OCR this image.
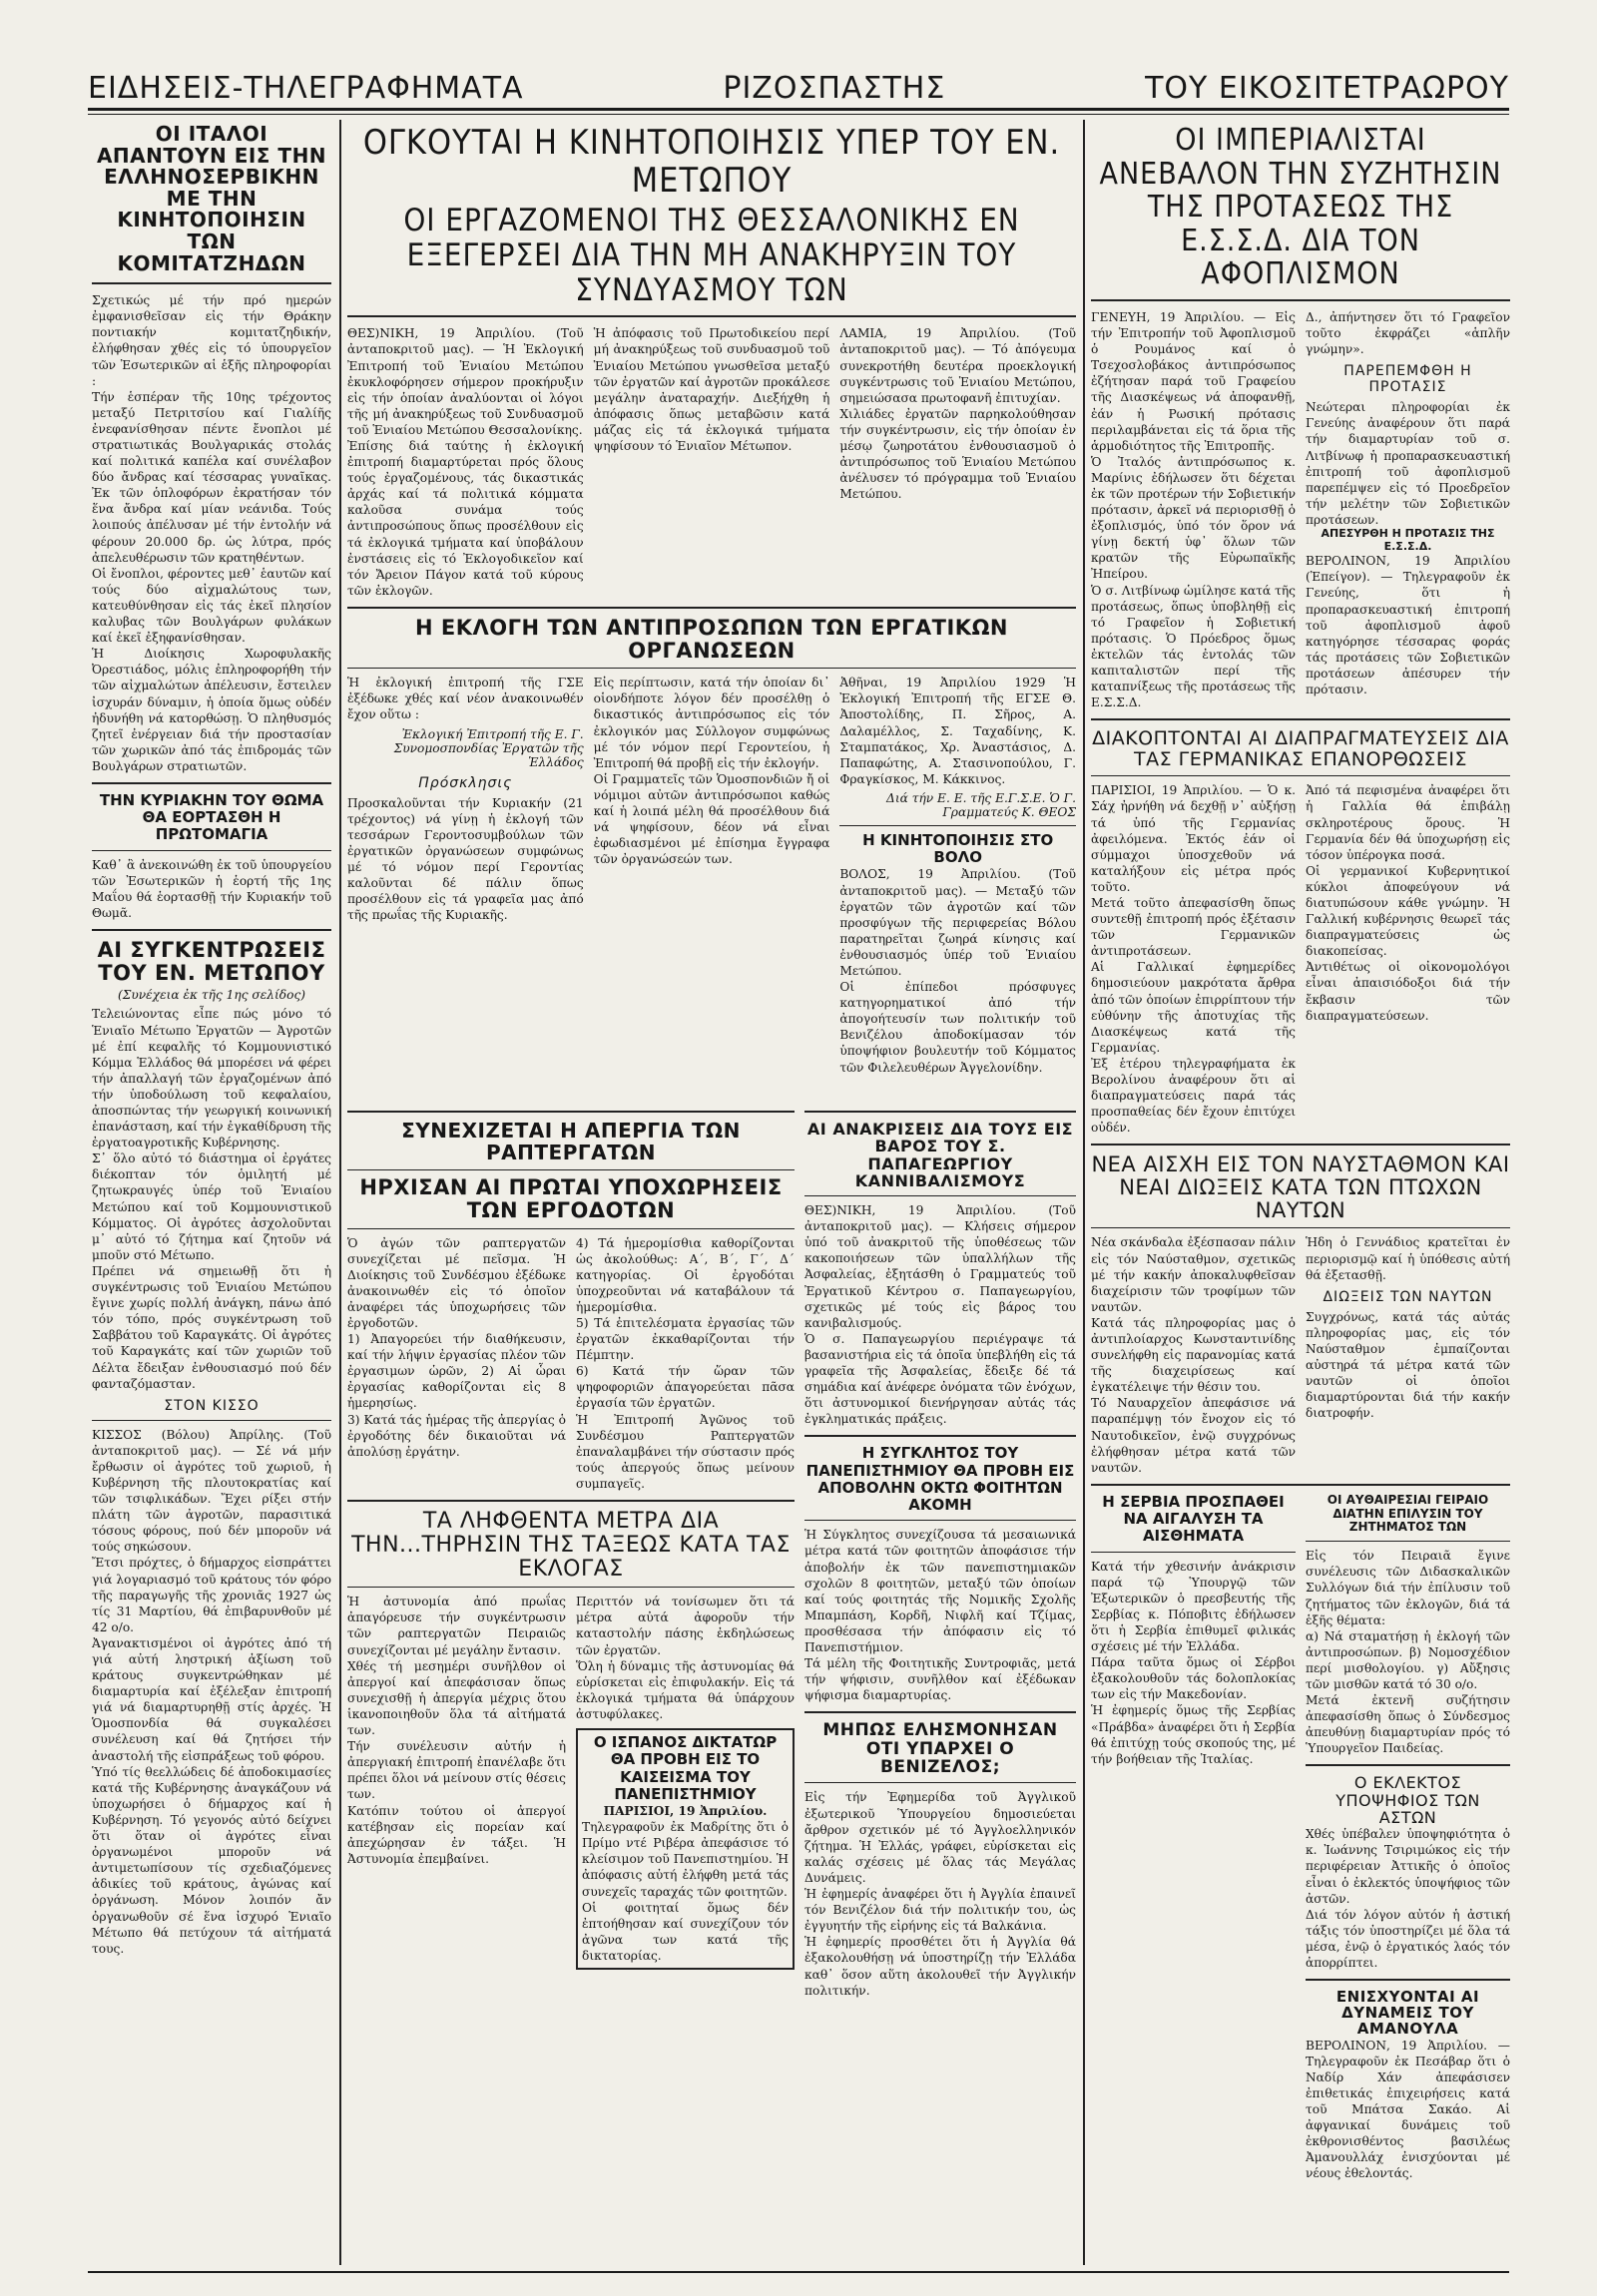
ΕΙΔΗΣΕΙΣ-ΤΗΛΕΓΡΑΦΗΜΑΤΑ	ΡΙΖΟΣΠΑΣΤΗΣ	ΤΟΥ ΕΙΚΟΣΙΤΕΤΡΑΩΡΟΥ
ΟΙ ΙΤΑΛΟΙ ΑΠΑΝΤΟΥΝ ΕΙΣ ΤΗΝ ΕΛΛΗΝΟΣΕΡΒΙΚΗΝ ΜΕ ΤΗΝ ΚΙΝΗΤΟΠΟΙΗΣΙΝ ΤΩΝ ΚΟΜΙΤΑΤΖΗΔΩΝ

Σχετικώς μέ τήν πρό ημερών ἐμφανισθεῖσαν εἰς τήν Θράκην ποντιακήν κομιτατζηδικήν, ἐλήφθησαν χθές εἰς τό ὑπουργεῖον τῶν Ἐσωτερικῶν αἱ ἑξῆς πληροφορίαι :

Τήν ἑσπέραν τῆς 10ης τρέχοντος μεταξύ Πετριτσίου καί Γιαλίῆς ἐνεφανίσθησαν πέντε ἔνοπλοι μέ στρατιωτικάς Βουλγαρικάς στολάς καί πολιτικά καπέλα καί συνέλαβον δύο ἄνδρας καί τέσσαρας γυναῖκας. Ἐκ τῶν ὁπλοφόρων ἐκρατήσαν τόν ἕνα ἄνδρα καί μίαν νεάνιδα. Τούς λοιπούς ἀπέλυσαν μέ τήν ἐντολήν νά φέρουν 20.000 δρ. ὡς λύτρα, πρός ἀπελευθέρωσιν τῶν κρατηθέντων.

Οἱ ἔνοπλοι, φέροντες μεθ᾽ ἑαυτῶν καί τούς δύο αἰχμαλώτους των, κατευθύνθησαν εἰς τάς ἐκεῖ πλησίον καλυβας τῶν Βουλγάρων φυλάκων καί ἐκεῖ ἐξηφανίσθησαν.

Ἡ Διοίκησις Χωροφυλακῆς Ὀρεστιάδος, μόλις ἐπληροφορήθη τήν τῶν αἰχμαλώτων ἀπέλευσιν, ἔστειλεν ἰσχυράν δύναμιν, ἡ ὁποία ὅμως οὐδέν ἠδυνήθη νά κατορθώσῃ. Ὁ πληθυσμός ζητεῖ ἐνέργειαν διά τήν προστασίαν τῶν χωρικῶν ἀπό τάς ἐπιδρομάς τῶν Βουλγάρων στρατιωτῶν.

ΤΗΝ ΚΥΡΙΑΚΗΝ ΤΟΥ ΘΩΜΑ ΘΑ ΕΟΡΤΑΣΘΗ Η ΠΡΩΤΟΜΑΓΙΑ

Καθ᾽ ἃ ἀνεκοινώθη ἐκ τοῦ ὑπουργείου τῶν Ἐσωτερικῶν ἡ ἑορτή τῆς 1ης Μαΐου θά ἑορτασθῇ τήν Κυριακήν τοῦ Θωμᾶ.

ΑΙ ΣΥΓΚΕΝΤΡΩΣΕΙΣ ΤΟΥ ΕΝ. ΜΕΤΩΠΟΥ
(Συνέχεια ἐκ τῆς 1ης σελίδος)

Τελειώνοντας εἶπε πώς μόνο τό Ἑνιαῖο Μέτωπο Ἐργατῶν — Ἀγροτῶν μέ ἐπί κεφαλῆς τό Κομμουνιστικό Κόμμα Ἑλλάδος θά μπορέσει νά φέρει τήν ἀπαλλαγή τῶν ἐργαζομένων ἀπό τήν ὑποδούλωση τοῦ κεφαλαίου, ἀποσπώντας τήν γεωργική κοινωνική ἐπανάσταση, καί τήν ἐγκαθίδρυση τῆς ἐργατοαγροτικῆς Κυβέρνησης.

Σ᾽ ὅλο αὐτό τό διάστημα οἱ ἐργάτες διέκοπταν τόν ὁμιλητή μέ ζητωκραυγές ὑπέρ τοῦ Ἑνιαίου Μετώπου καί τοῦ Κομμουνιστικοῦ Κόμματος. Οἱ ἀγρότες ἀσχολοῦνται μ᾽ αὐτό τό ζήτημα καί ζητοῦν νά μποῦν στό Μέτωπο.

Πρέπει νά σημειωθῇ ὅτι ἡ συγκέντρωσις τοῦ Ἑνιαίου Μετώπου ἔγινε χωρίς πολλή ἀνάγκη, πάνω ἀπό τόν τόπο, πρός συγκέντρωση τοῦ Σαββάτου τοῦ Καραγκάτς. Οἱ ἀγρότες τοῦ Καραγκάτς καί τῶν χωριῶν τοῦ Δέλτα ἔδειξαν ἐνθουσιασμό πού δέν φανταζόμασταν.

ΣΤΟΝ ΚΙΣΣΟ

ΚΙΣΣΟΣ (Βόλου) Ἀπρίλης. (Τοῦ ἀνταποκριτοῦ μας). — Σέ νά μήν ἔρθωσιν οἱ ἀγρότες τοῦ χωριοῦ, ἡ Κυβέρνηση τῆς πλουτοκρατίας καί τῶν τσιφλικάδων. Ἔχει ρίξει στήν πλάτη τῶν ἀγροτῶν, παρασιτικά τόσους φόρους, πού δέν μποροῦν νά τούς σηκώσουν.

Ἔτσι πρόχτες, ὁ δήμαρχος εἰσπράττει γιά λογαριασμό τοῦ κράτους τόν φόρο τῆς παραγωγῆς τῆς χρονιᾶς 1927 ὡς τίς 31 Μαρτίου, θά ἐπιβαρυνθοῦν μέ 42 ο/ο.

Ἀγανακτισμένοι οἱ ἀγρότες ἀπό τή γιά αὐτή ληστρική ἀξίωση τοῦ κράτους συγκεντρώθηκαν μέ διαμαρτυρία καί ἐξέλεξαν ἐπιτροπή γιά νά διαμαρτυρηθῇ στίς ἀρχές. Ἡ Ὁμοσπονδία θά συγκαλέσει συνέλευση καί θά ζητήσει τήν ἀναστολή τῆς εἰσπράξεως τοῦ φόρου.

Ὑπό τίς θεελλώδεις δέ ἀποδοκιμασίες κατά τῆς Κυβέρνησης ἀναγκάζουν νά ὑποχωρήσει ὁ δήμαρχος καί ἡ Κυβέρνηση. Τό γεγονός αὐτό δείχνει ὅτι ὅταν οἱ ἀγρότες εἶναι ὀργανωμένοι μποροῦν νά ἀντιμετωπίσουν τίς σχεδιαζόμενες ἀδικίες τοῦ κράτους, ἀγώνας καί ὀργάνωση. Μόνον λοιπόν ἄν ὀργανωθοῦν σέ ἕνα ἰσχυρό Ἑνιαῖο Μέτωπο θά πετύχουν τά αἰτήματά τους.

ΟΓΚΟΥΤΑΙ Η ΚΙΝΗΤΟΠΟΙΗΣΙΣ ΥΠΕΡ ΤΟΥ ΕΝ. ΜΕΤΩΠΟΥ
ΟΙ ΕΡΓΑΖΟΜΕΝΟΙ ΤΗΣ ΘΕΣΣΑΛΟΝΙΚΗΣ ΕΝ ΕΞΕΓΕΡΣΕΙ ΔΙΑ ΤΗΝ ΜΗ ΑΝΑΚΗΡΥΞΙΝ ΤΟΥ ΣΥΝΔΥΑΣΜΟΥ ΤΩΝ

ΘΕΣ)ΝΙΚΗ, 19 Ἀπριλίου. (Τοῦ ἀνταποκριτοῦ μας). — Ἡ Ἐκλογική Ἐπιτροπή τοῦ Ἑνιαίου Μετώπου ἐκυκλοφόρησεν σήμερον προκήρυξιν εἰς τήν ὁποίαν ἀναλύονται οἱ λόγοι τῆς μή ἀνακηρύξεως τοῦ Συνδυασμοῦ τοῦ Ἑνιαίου Μετώπου Θεσσαλονίκης.

Ἐπίσης διά ταύτης ἡ ἐκλογική ἐπιτροπή διαμαρτύρεται πρός ὅλους τούς ἐργαζομένους, τάς δικαστικάς ἀρχάς καί τά πολιτικά κόμματα καλοῦσα συνάμα τούς ἀντιπροσώπους ὅπως προσέλθουν εἰς τά ἐκλογικά τμήματα καί ὑποβάλουν ἐνστάσεις εἰς τό Ἐκλογοδικεῖον καί τόν Ἄρειον Πάγον κατά τοῦ κύρους τῶν ἐκλογῶν.

Ἡ ἀπόφασις τοῦ Πρωτοδικείου περί μή ἀνακηρύξεως τοῦ συνδυασμοῦ τοῦ Ἑνιαίου Μετώπου γνωσθεῖσα μεταξύ τῶν ἐργατῶν καί ἀγροτῶν προκάλεσε μεγάλην ἀναταραχήν. Διεξήχθη ἡ ἀπόφασις ὅπως μεταβῶσιν κατά μάζας εἰς τά ἐκλογικά τμήματα ψηφίσουν τό Ἑνιαῖον Μέτωπον.

ΛΑΜΙΑ, 19 Ἀπριλίου. (Τοῦ ἀνταποκριτοῦ μας). — Τό ἀπόγευμα συνεκροτήθη δευτέρα προεκλογική συγκέντρωσις τοῦ Ἑνιαίου Μετώπου, σημειώσασα πρωτοφανῆ ἐπιτυχίαν.

Χιλιάδες ἐργατῶν παρηκολούθησαν τήν συγκέντρωσιν, εἰς τήν ὁποίαν ἐν μέσῳ ζωηροτάτου ἐνθουσιασμοῦ ὁ ἀντιπρόσωπος τοῦ Ἑνιαίου Μετώπου ἀνέλυσεν τό πρόγραμμα τοῦ Ἑνιαίου Μετώπου.

Η ΕΚΛΟΓΗ ΤΩΝ ΑΝΤΙΠΡΟΣΩΠΩΝ ΤΩΝ ΕΡΓΑΤΙΚΩΝ ΟΡΓΑΝΩΣΕΩΝ

Ἡ ἐκλογική ἐπιτροπή τῆς ΓΣΕ ἐξέδωκε χθές καί νέον ἀνακοινωθέν ἔχον οὕτω :

Ἐκλογική Ἐπιτροπή τῆς Ε. Γ. Συνομοσπονδίας Ἐργατῶν τῆς Ἑλλάδος
Πρόσκλησις

Προσκαλοῦνται τήν Κυριακήν (21 τρέχοντος) νά γίνῃ ἡ ἐκλογή τῶν τεσσάρων Γεροντοσυμβούλων τῶν ἐργατικῶν ὀργανώσεων συμφώνως μέ τό νόμον περί Γεροντίας καλοῦνται δέ πάλιν ὅπως προσέλθουν εἰς τά γραφεῖα μας ἀπό τῆς πρωΐας τῆς Κυριακῆς.

Εἰς περίπτωσιν, κατά τήν ὁποίαν δι᾽ οἱονδήποτε λόγον δέν προσέλθῃ ὁ δικαστικός ἀντιπρόσωπος εἰς τόν ἐκλογικόν μας Σύλλογον συμφώνως μέ τόν νόμον περί Γεροντείου, ἡ Ἐπιτροπή θά προβῇ εἰς τήν ἐκλογήν.

Οἱ Γραμματεῖς τῶν Ὁμοσπονδιῶν ἤ οἱ νόμιμοι αὐτῶν ἀντιπρόσωποι καθώς καί ἡ λοιπά μέλη θά προσέλθουν διά νά ψηφίσουν, δέον νά εἶναι ἐφωδιασμένοι μέ ἐπίσημα ἔγγραφα τῶν ὀργανώσεών των.

Ἀθῆναι, 19 Ἀπριλίου 1929 Ἡ Ἐκλογική Ἐπιτροπή τῆς ΕΓΣΕ Θ. Ἀποστολίδης, Π. Σῆρος, Α. Δαλαμέλλος, Σ. Ταχαδίνης, Κ. Σταμπατάκος, Χρ. Ἀναστάσιος, Δ. Παπαφώτης, Α. Στασινοπούλου, Γ. Φραγκίσκος, Μ. Κάκκινος.

Διά τήν Ε. Ε. τῆς Ε.Γ.Σ.Ε. Ὁ Γ. Γραμματεύς Κ. ΘΕΟΣ
Η ΚΙΝΗΤΟΠΟΙΗΣΙΣ ΣΤΟ ΒΟΛΟ

ΒΟΛΟΣ, 19 Ἀπριλίου. (Τοῦ ἀνταποκριτοῦ μας). — Μεταξύ τῶν ἐργατῶν τῶν ἀγροτῶν καί τῶν προσφύγων τῆς περιφερείας Βόλου παρατηρεῖται ζωηρά κίνησις καί ἐνθουσιασμός ὑπέρ τοῦ Ἑνιαίου Μετώπου.

Οἱ ἐπίπεδοι πρόσφυγες κατηγορηματικοί ἀπό τήν ἀπογοήτευσίν των πολιτικήν τοῦ Βενιζέλου ἀποδοκίμασαν τόν ὑποψήφιον βουλευτήν τοῦ Κόμματος τῶν Φιλελευθέρων Ἀγγελονίδην.

ΣΥΝΕΧΙΖΕΤΑΙ Η ΑΠΕΡΓΙΑ ΤΩΝ ΡΑΠΤΕΡΓΑΤΩΝ
ΗΡΧΙΣΑΝ ΑΙ ΠΡΩΤΑΙ ΥΠΟΧΩΡΗΣΕΙΣ ΤΩΝ ΕΡΓΟΔΟΤΩΝ

Ὁ ἀγών τῶν ραπτεργατῶν συνεχίζεται μέ πεῖσμα. Ἡ Διοίκησις τοῦ Συνδέσμου ἐξέδωκε ἀνακοινωθέν εἰς τό ὁποῖον ἀναφέρει τάς ὑποχωρήσεις τῶν ἐργοδοτῶν.

1) Ἀπαγορεύει τήν διαθήκευσιν, καί τήν λήψιν ἐργασίας πλέον τῶν ἐργασιμων ὡρῶν, 2) Αἱ ὧραι ἐργασίας καθορίζονται εἰς 8 ἡμερησίως.

3) Κατά τάς ἡμέρας τῆς ἀπεργίας ὁ ἐργοδότης δέν δικαιοῦται νά ἀπολύσῃ ἐργάτην.

4) Τά ἡμερομίσθια καθορίζονται ὡς ἀκολούθως: Α΄, Β΄, Γ΄, Δ΄ κατηγορίας. Οἱ ἐργοδόται ὑποχρεοῦνται νά καταβάλουν τά ἡμερομίσθια.

5) Τά ἐπιτελέσματα ἐργασίας τῶν ἐργατῶν ἐκκαθαρίζονται τήν Πέμπτην.

6) Κατά τήν ὥραν τῶν ψηφοφοριῶν ἀπαγορεύεται πᾶσα ἐργασία τῶν ἐργατῶν.

Ἡ Ἐπιτροπή Ἀγῶνος τοῦ Συνδέσμου Ραπτεργατῶν ἐπαναλαμβάνει τήν σύστασιν πρός τούς ἀπεργούς ὅπως μείνουν συμπαγεῖς.

ΤΑ ΛΗΦΘΕΝΤΑ ΜΕΤΡΑ ΔΙΑ ΤΗΝ...ΤΗΡΗΣΙΝ ΤΗΣ ΤΑΞΕΩΣ ΚΑΤΑ ΤΑΣ ΕΚΛΟΓΑΣ

Ἡ ἀστυνομία ἀπό πρωΐας ἀπαγόρευσε τήν συγκέντρωσιν τῶν ραπτεργατῶν Πειραιῶς συνεχίζονται μέ μεγάλην ἔντασιν.

Χθές τή μεσημέρι συνῆλθον οἱ ἀπεργοί καί ἀπεφάσισαν ὅπως συνεχισθῇ ἡ ἀπεργία μέχρις ὅτου ἱκανοποιηθοῦν ὅλα τά αἰτήματά των.

Τήν συνέλευσιν αὐτήν ἡ ἀπεργιακή ἐπιτροπή ἐπανέλαβε ὅτι πρέπει ὅλοι νά μείνουν στίς θέσεις των.

Κατόπιν τούτου οἱ ἀπεργοί κατέβησαν εἰς πορείαν καί ἀπεχώρησαν ἐν τάξει. Ἡ Ἀστυνομία ἐπεμβαίνει.

Περιττόν νά τονίσωμεν ὅτι τά μέτρα αὐτά ἀφοροῦν τήν καταστολήν πάσης ἐκδηλώσεως τῶν ἐργατῶν.

Ὅλη ἡ δύναμις τῆς ἀστυνομίας θά εὑρίσκεται εἰς ἐπιφυλακήν. Εἰς τά ἐκλογικά τμήματα θά ὑπάρχουν ἀστυφύλακες.

Ο ΙΣΠΑΝΟΣ ΔΙΚΤΑΤΩΡ ΘΑ ΠΡΟΒΗ ΕΙΣ ΤΟ ΚΑΙΣΕΙΣΜΑ ΤΟΥ ΠΑΝΕΠΙΣΤΗΜΙΟΥ
ΠΑΡΙΣΙΟΙ, 19 Ἀπριλίου.

Τηλεγραφοῦν ἐκ Μαδρίτης ὅτι ὁ Πρίμο ντέ Ριβέρα ἀπεφάσισε τό κλείσιμον τοῦ Πανεπιστημίου. Ἡ ἀπόφασις αὐτή ἐλήφθη μετά τάς συνεχεῖς ταραχάς τῶν φοιτητῶν.

Οἱ φοιτηταί ὅμως δέν ἐπτοήθησαν καί συνεχίζουν τόν ἀγῶνα των κατά τῆς δικτατορίας.

ΑΙ ΑΝΑΚΡΙΣΕΙΣ ΔΙΑ ΤΟΥΣ ΕΙΣ ΒΑΡΟΣ ΤΟΥ Σ. ΠΑΠΑΓΕΩΡΓΙΟΥ ΚΑΝΝΙΒΑΛΙΣΜΟΥΣ

ΘΕΣ)ΝΙΚΗ, 19 Ἀπριλίου. (Τοῦ ἀνταποκριτοῦ μας). — Κλήσεις σήμερον ὑπό τοῦ ἀνακριτοῦ τῆς ὑποθέσεως τῶν κακοποιήσεων τῶν ὑπαλλήλων τῆς Ἀσφαλείας, ἐξητάσθη ὁ Γραμματεύς τοῦ Ἐργατικοῦ Κέντρου σ. Παπαγεωργίου, σχετικῶς μέ τούς εἰς βάρος του κανιβαλισμούς.

Ὁ σ. Παπαγεωργίου περιέγραψε τά βασανιστήρια εἰς τά ὁποῖα ὑπεβλήθη εἰς τά γραφεῖα τῆς Ἀσφαλείας, ἔδειξε δέ τά σημάδια καί ἀνέφερε ὀνόματα τῶν ἐνόχων, ὅτι ἀστυνομικοί διενήργησαν αὐτάς τάς ἐγκληματικάς πράξεις.

Η ΣΥΓΚΛΗΤΟΣ ΤΟΥ ΠΑΝΕΠΙΣΤΗΜΙΟΥ ΘΑ ΠΡΟΒΗ ΕΙΣ ΑΠΟΒΟΛΗΝ ΟΚΤΩ ΦΟΙΤΗΤΩΝ ΑΚΟΜΗ

Ἡ Σύγκλητος συνεχίζουσα τά μεσαιωνικά μέτρα κατά τῶν φοιτητῶν ἀποφάσισε τήν ἀποβολήν ἐκ τῶν πανεπιστημιακῶν σχολῶν 8 φοιτητῶν, μεταξύ τῶν ὁποίων καί τούς φοιτητάς τῆς Νομικῆς Σχολῆς Μπαμπάση, Κορδῆ, Νιφλῆ καί Τζίμας, προσθέσασα τήν ἀπόφασιν εἰς τό Πανεπιστήμιον.

Τά μέλη τῆς Φοιτητικῆς Συντροφιᾶς, μετά τήν ψήφισιν, συνῆλθον καί ἐξέδωκαν ψήφισμα διαμαρτυρίας.

ΜΗΠΩΣ ΕΛΗΣΜΟΝΗΣΑΝ ΟΤΙ ΥΠΑΡΧΕΙ Ο ΒΕΝΙΖΕΛΟΣ;

Εἰς τήν Ἐφημερίδα τοῦ Ἀγγλικοῦ ἐξωτερικοῦ Ὑπουργείου δημοσιεύεται ἄρθρον σχετικόν μέ τό Ἀγγλοελληνικόν ζήτημα. Ἡ Ἐλλάς, γράφει, εὑρίσκεται εἰς καλάς σχέσεις μέ ὅλας τάς Μεγάλας Δυνάμεις.

Ἡ ἐφημερίς ἀναφέρει ὅτι ἡ Ἀγγλία ἐπαινεῖ τόν Βενιζέλον διά τήν πολιτικήν του, ὡς ἐγγυητήν τῆς εἰρήνης εἰς τά Βαλκάνια.

Ἡ ἐφημερίς προσθέτει ὅτι ἡ Ἀγγλία θά ἐξακολουθήσῃ νά ὑποστηρίζῃ τήν Ἑλλάδα καθ᾽ ὅσον αὕτη ἀκολουθεῖ τήν Ἀγγλικήν πολιτικήν.

ΟΙ ΙΜΠΕΡΙΑΛΙΣΤΑΙ ΑΝΕΒΑΛΟΝ ΤΗΝ ΣΥΖΗΤΗΣΙΝ ΤΗΣ ΠΡΟΤΑΣΕΩΣ ΤΗΣ Ε.Σ.Σ.Δ. ΔΙΑ ΤΟΝ ΑΦΟΠΛΙΣΜΟΝ

ΓΕΝΕΥΗ, 19 Ἀπριλίου. — Εἰς τήν Ἐπιτροπήν τοῦ Ἀφοπλισμοῦ ὁ Ρουμάνος καί ὁ Τσεχοσλοβάκος ἀντιπρόσωπος ἐζήτησαν παρά τοῦ Γραφείου τῆς Διασκέψεως νά ἀποφανθῇ, ἐάν ἡ Ρωσική πρότασις περιλαμβάνεται εἰς τά ὅρια τῆς ἁρμοδιότητος τῆς Ἐπιτροπῆς.

Ὁ Ἰταλός ἀντιπρόσωπος κ. Μαρίνις ἐδήλωσεν ὅτι δέχεται ἐκ τῶν προτέρων τήν Σοβιετικήν πρότασιν, ἀρκεῖ νά περιορισθῇ ὁ ἐξοπλισμός, ὑπό τόν ὅρον νά γίνῃ δεκτή ὑφ᾽ ὅλων τῶν κρατῶν τῆς Εὐρωπαϊκῆς Ἠπείρου.

Ὁ σ. Λιτβίνωφ ὡμίλησε κατά τῆς προτάσεως, ὅπως ὑποβληθῇ εἰς τό Γραφεῖον ἡ Σοβιετική πρότασις. Ὁ Πρόεδρος ὅμως ἐκτελῶν τάς ἐντολάς τῶν καπιταλιστῶν περί τῆς καταπνίξεως τῆς προτάσεως τῆς Ε.Σ.Σ.Δ.

Δ., ἀπήντησεν ὅτι τό Γραφεῖον τοῦτο ἐκφράζει «ἁπλῆν γνώμην».

ΠΑΡΕΠΕΜΦΘΗ Η ΠΡΟΤΑΣΙΣ

Νεώτεραι πληροφορίαι ἐκ Γενεύης ἀναφέρουν ὅτι παρά τήν διαμαρτυρίαν τοῦ σ. Λιτβίνωφ ἡ προπαρασκευαστική ἐπιτροπή τοῦ ἀφοπλισμοῦ παρεπέμψεν εἰς τό Προεδρεῖον τήν μελέτην τῶν Σοβιετικῶν προτάσεων.

ΑΠΕΣΥΡΘΗ Η ΠΡΟΤΑΣΙΣ ΤΗΣ Ε.Σ.Σ.Δ.

ΒΕΡΟΛΙΝΟΝ, 19 Ἀπριλίου (Ἐπείγον). — Τηλεγραφοῦν ἐκ Γενεύης, ὅτι ἡ προπαρασκευαστική ἐπιτροπή τοῦ ἀφοπλισμοῦ ἀφοῦ κατηγόρησε τέσσαρας φοράς τάς προτάσεις τῶν Σοβιετικῶν προτάσεων ἀπέσυρεν τήν πρότασιν.

ΔΙΑΚΟΠΤΟΝΤΑΙ ΑΙ ΔΙΑΠΡΑΓΜΑΤΕΥΣΕΙΣ ΔΙΑ ΤΑΣ ΓΕΡΜΑΝΙΚΑΣ ΕΠΑΝΟΡΘΩΣΕΙΣ

ΠΑΡΙΣΙΟΙ, 19 Ἀπριλίου. — Ὁ κ. Σάχ ἠρνήθη νά δεχθῇ ν᾽ αὐξήσῃ τά ὑπό τῆς Γερμανίας ἀφειλόμενα. Ἐκτός ἐάν οἱ σύμμαχοι ὑποσχεθοῦν νά καταλήξουν εἰς μέτρα πρός τοῦτο.

Μετά τοῦτο ἀπεφασίσθη ὅπως συντεθῇ ἐπιτροπή πρός ἐξέτασιν τῶν Γερμανικῶν ἀντιπροτάσεων.

Αἱ Γαλλικαί ἐφημερίδες δημοσιεύουν μακρότατα ἄρθρα ἀπό τῶν ὁποίων ἐπιρρίπτουν τήν εὐθύνην τῆς ἀποτυχίας τῆς Διασκέψεως κατά τῆς Γερμανίας.

Ἐξ ἑτέρου τηλεγραφήματα ἐκ Βερολίνου ἀναφέρουν ὅτι αἱ διαπραγματεύσεις παρά τάς προσπαθείας δέν ἔχουν ἐπιτύχει οὐδέν.

Ἀπό τά πεφισμένα ἀναφέρει ὅτι ἡ Γαλλία θά ἐπιβάλῃ σκληροτέρους ὅρους. Ἡ Γερμανία δέν θά ὑποχωρήσῃ εἰς τόσον ὑπέρογκα ποσά.

Οἱ γερμανικοί Κυβερνητικοί κύκλοι ἀποφεύγουν νά διατυπώσουν κάθε γνώμην. Ἡ Γαλλική κυβέρνησις θεωρεῖ τάς διαπραγματεύσεις ὡς διακοπείσας.

Ἀντιθέτως οἱ οἰκονομολόγοι εἶναι ἀπαισιόδοξοι διά τήν ἔκβασιν τῶν διαπραγματεύσεων.

ΝΕΑ ΑΙΣΧΗ ΕΙΣ ΤΟΝ ΝΑΥΣΤΑΘΜΟΝ ΚΑΙ ΝΕΑΙ ΔΙΩΞΕΙΣ ΚΑΤΑ ΤΩΝ ΠΤΩΧΩΝ ΝΑΥΤΩΝ

Νέα σκάνδαλα ἐξέσπασαν πάλιν εἰς τόν Ναύσταθμον, σχετικῶς μέ τήν κακήν ἀποκαλυφθεῖσαν διαχείρισιν τῶν τροφίμων τῶν ναυτῶν.

Κατά τάς πληροφορίας μας ὁ ἀντιπλοίαρχος Κωνσταντινίδης συνελήφθη εἰς παρανομίας κατά τῆς διαχειρίσεως καί ἐγκατέλειψε τήν θέσιν του.

Τό Ναυαρχεῖον ἀπεφάσισε νά παραπέμψῃ τόν ἔνοχον εἰς τό Ναυτοδικεῖον, ἐνῷ συγχρόνως ἐλήφθησαν μέτρα κατά τῶν ναυτῶν.

Ἡδη ὁ Γεννάδιος κρατεῖται ἐν περιορισμῷ καί ἡ ὑπόθεσις αὐτή θά ἐξετασθῇ.

ΔΙΩΞΕΙΣ ΤΩΝ ΝΑΥΤΩΝ

Συγχρόνως, κατά τάς αὐτάς πληροφορίας μας, εἰς τόν Ναύσταθμον ἐμπαίζονται αὐστηρά τά μέτρα κατά τῶν ναυτῶν οἱ ὁποῖοι διαμαρτύρονται διά τήν κακήν διατροφήν.

Η ΣΕΡΒΙΑ ΠΡΟΣΠΑΘΕΙ ΝΑ ΑΙΓΑΛΥΣΗ ΤΑ ΑΙΣΘΗΜΑΤΑ

Κατά τήν χθεσινήν ἀνάκρισιν παρά τῷ Ὑπουργῷ τῶν Ἐξωτερικῶν ὁ πρεσβευτής τῆς Σερβίας κ. Πόποβιτς ἐδήλωσεν ὅτι ἡ Σερβία ἐπιθυμεῖ φιλικάς σχέσεις μέ τήν Ἑλλάδα.

Πάρα ταῦτα ὅμως οἱ Σέρβοι ἐξακολουθοῦν τάς δολοπλοκίας των εἰς τήν Μακεδονίαν.

Ἡ ἐφημερίς ὅμως τῆς Σερβίας «Πράβδα» ἀναφέρει ὅτι ἡ Σερβία θά ἐπιτύχῃ τούς σκοπούς της, μέ τήν βοήθειαν τῆς Ἰταλίας.

ΟΙ ΑΥΘΑΙΡΕΣΙΑΙ ΓΕΙΡΑΙΟ ΔΙΑΤΗΝ ΕΠΙΛΥΣΙΝ ΤΟΥ ΖΗΤΗΜΑΤΟΣ ΤΩΝ

Εἰς τόν Πειραιᾶ ἔγινε συνέλευσις τῶν Διδασκαλικῶν Συλλόγων διά τήν ἐπίλυσιν τοῦ ζητήματος τῶν ἐκλογῶν, διά τά ἑξῆς θέματα:

α) Νά σταματήσῃ ἡ ἐκλογή τῶν ἀντιπροσώπων. β) Νομοσχέδιον περί μισθολογίου. γ) Αὔξησις τῶν μισθῶν κατά τό 30 ο/ο.

Μετά ἐκτενῆ συζήτησιν ἀπεφασίσθη ὅπως ὁ Σύνδεσμος ἀπευθύνῃ διαμαρτυρίαν πρός τό Ὑπουργεῖον Παιδείας.

Ο ΕΚΛΕΚΤΟΣ ΥΠΟΨΗΦΙΟΣ ΤΩΝ ΑΣΤΩΝ

Χθές ὑπέβαλεν ὑποψηφιότητα ὁ κ. Ἰωάννης Τσιριμώκος εἰς τήν περιφέρειαν Ἀττικῆς ὁ ὁποῖος εἶναι ὁ ἐκλεκτός ὑποψήφιος τῶν ἀστῶν.

Διά τόν λόγον αὐτόν ἡ ἀστική τάξις τόν ὑποστηρίζει μέ ὅλα τά μέσα, ἐνῷ ὁ ἐργατικός λαός τόν ἀπορρίπτει.

ΕΝΙΣΧΥΟΝΤΑΙ ΑΙ ΔΥΝΑΜΕΙΣ ΤΟΥ ΑΜΑΝΟΥΛΑ

ΒΕΡΟΛΙΝΟΝ, 19 Ἀπριλίου. — Τηλεγραφοῦν ἐκ Πεσάβαρ ὅτι ὁ Ναδίρ Χάν ἀπεφάσισεν ἐπιθετικάς ἐπιχειρήσεις κατά τοῦ Μπάτσα Σακάο. Αἱ ἀφγανικαί δυνάμεις τοῦ ἐκθρονισθέντος βασιλέως Ἀμανουλλάχ ἐνισχύονται μέ νέους ἐθελοντάς.
